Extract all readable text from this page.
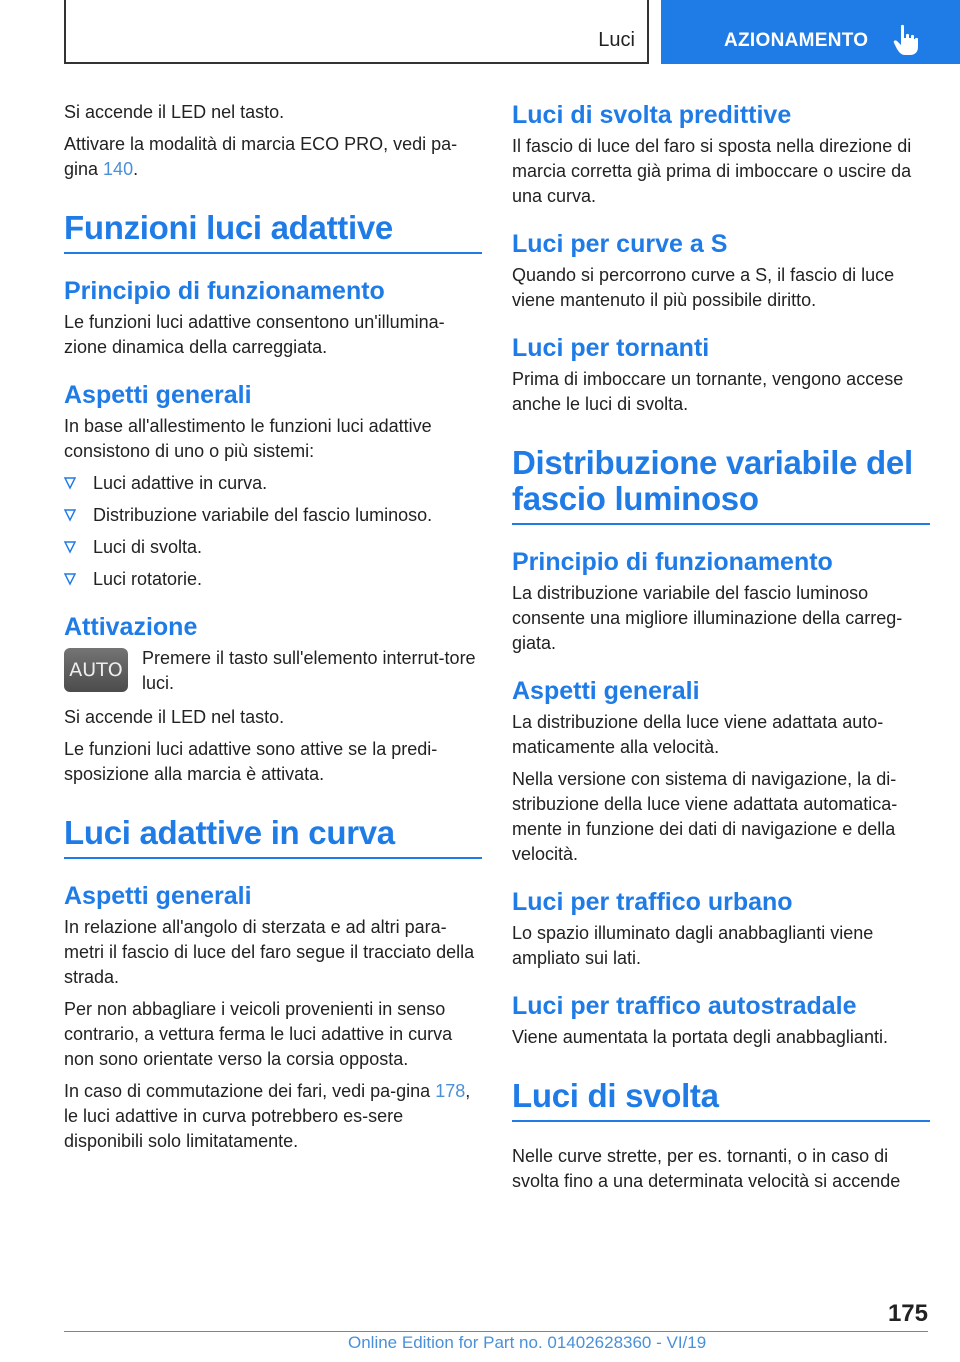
Luci	AZIONAMENTO

Si accende il LED nel tasto.

Attivare la modalità di marcia ECO PRO, vedi pa‐gina 140.

Funzioni luci adattive
Principio di funzionamento

Le funzioni luci adattive consentono un'illumina‐zione dinamica della carreggiata.

Aspetti generali

In base all'allestimento le funzioni luci adattive consistono di uno o più sistemi:

Luci adattive in curva.
Distribuzione variabile del fascio luminoso.
Luci di svolta.
Luci rotatorie.
Attivazione
AUTO

Premere il tasto sull'elemento interrut‐tore luci.

Si accende il LED nel tasto.

Le funzioni luci adattive sono attive se la predi‐sposizione alla marcia è attivata.

Luci adattive in curva
Aspetti generali

In relazione all'angolo di sterzata e ad altri para‐metri il fascio di luce del faro segue il tracciato della strada.

Per non abbagliare i veicoli provenienti in senso contrario, a vettura ferma le luci adattive in curva non sono orientate verso la corsia opposta.

In caso di commutazione dei fari, vedi pa‐gina 178, le luci adattive in curva potrebbero es‐sere disponibili solo limitatamente.

Luci di svolta predittive

Il fascio di luce del faro si sposta nella direzione di marcia corretta già prima di imboccare o uscire da una curva.

Luci per curve a S

Quando si percorrono curve a S, il fascio di luce viene mantenuto il più possibile diritto.

Luci per tornanti

Prima di imboccare un tornante, vengono accese anche le luci di svolta.

Distribuzione variabile del fascio luminoso
Principio di funzionamento

La distribuzione variabile del fascio luminoso consente una migliore illuminazione della carreg‐giata.

Aspetti generali

La distribuzione della luce viene adattata auto‐maticamente alla velocità.

Nella versione con sistema di navigazione, la di‐stribuzione della luce viene adattata automatica‐mente in funzione dei dati di navigazione e della velocità.

Luci per traffico urbano

Lo spazio illuminato dagli anabbaglianti viene ampliato sui lati.

Luci per traffico autostradale

Viene aumentata la portata degli anabbaglianti.

Luci di svolta

Nelle curve strette, per es. tornanti, o in caso di svolta fino a una determinata velocità si accende

175
Online Edition for Part no. 01402628360 - VI/19
